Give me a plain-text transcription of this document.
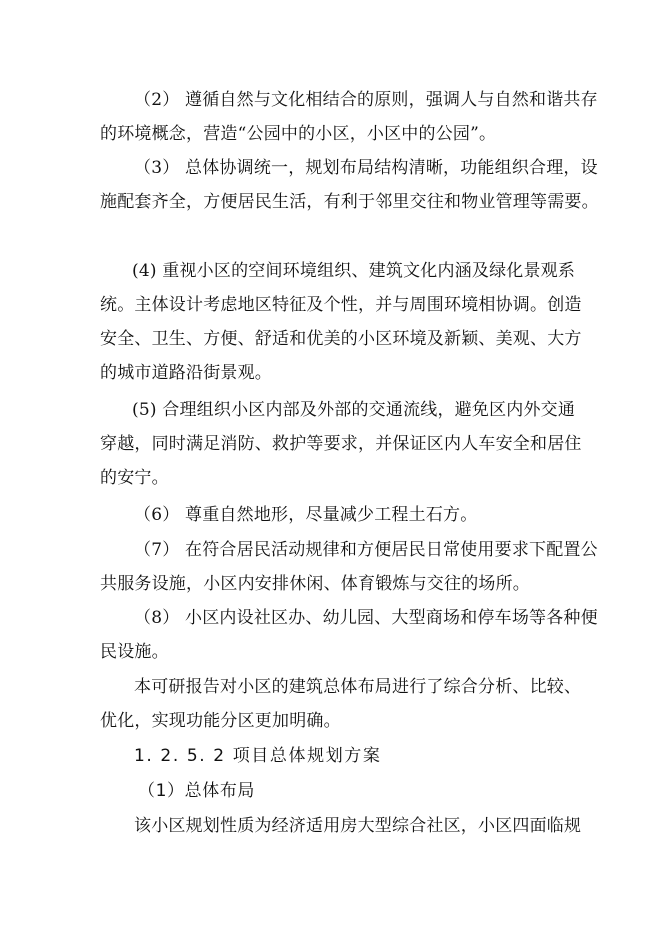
（2） 遵循自然与文化相结合的原则，强调人与自然和谐共存
的环境概念，营造“公园中的小区，小区中的公园”。
（3） 总体协调统一，规划布局结构清晰，功能组织合理，设
施配套齐全，方便居民生活，有利于邻里交往和物业管理等需要。
(4) 重视小区的空间环境组织、建筑文化内涵及绿化景观系
统。主体设计考虑地区特征及个性，并与周围环境相协调。创造
安全、卫生、方便、舒适和优美的小区环境及新颖、美观、大方
的城市道路沿街景观。
(5) 合理组织小区内部及外部的交通流线，避免区内外交通
穿越，同时满足消防、救护等要求，并保证区内人车安全和居住
的安宁。
（6） 尊重自然地形，尽量减少工程土石方。
（7） 在符合居民活动规律和方便居民日常使用要求下配置公
共服务设施，小区内安排休闲、体育锻炼与交往的场所。
（8） 小区内设社区办、幼儿园、大型商场和停车场等各种便
民设施。
本可研报告对小区的建筑总体布局进行了综合分析、比较、
优化，实现功能分区更加明确。
1. 2. 5. 2 项目总体规划方案
（1）总体布局
该小区规划性质为经济适用房大型综合社区，小区四面临规
